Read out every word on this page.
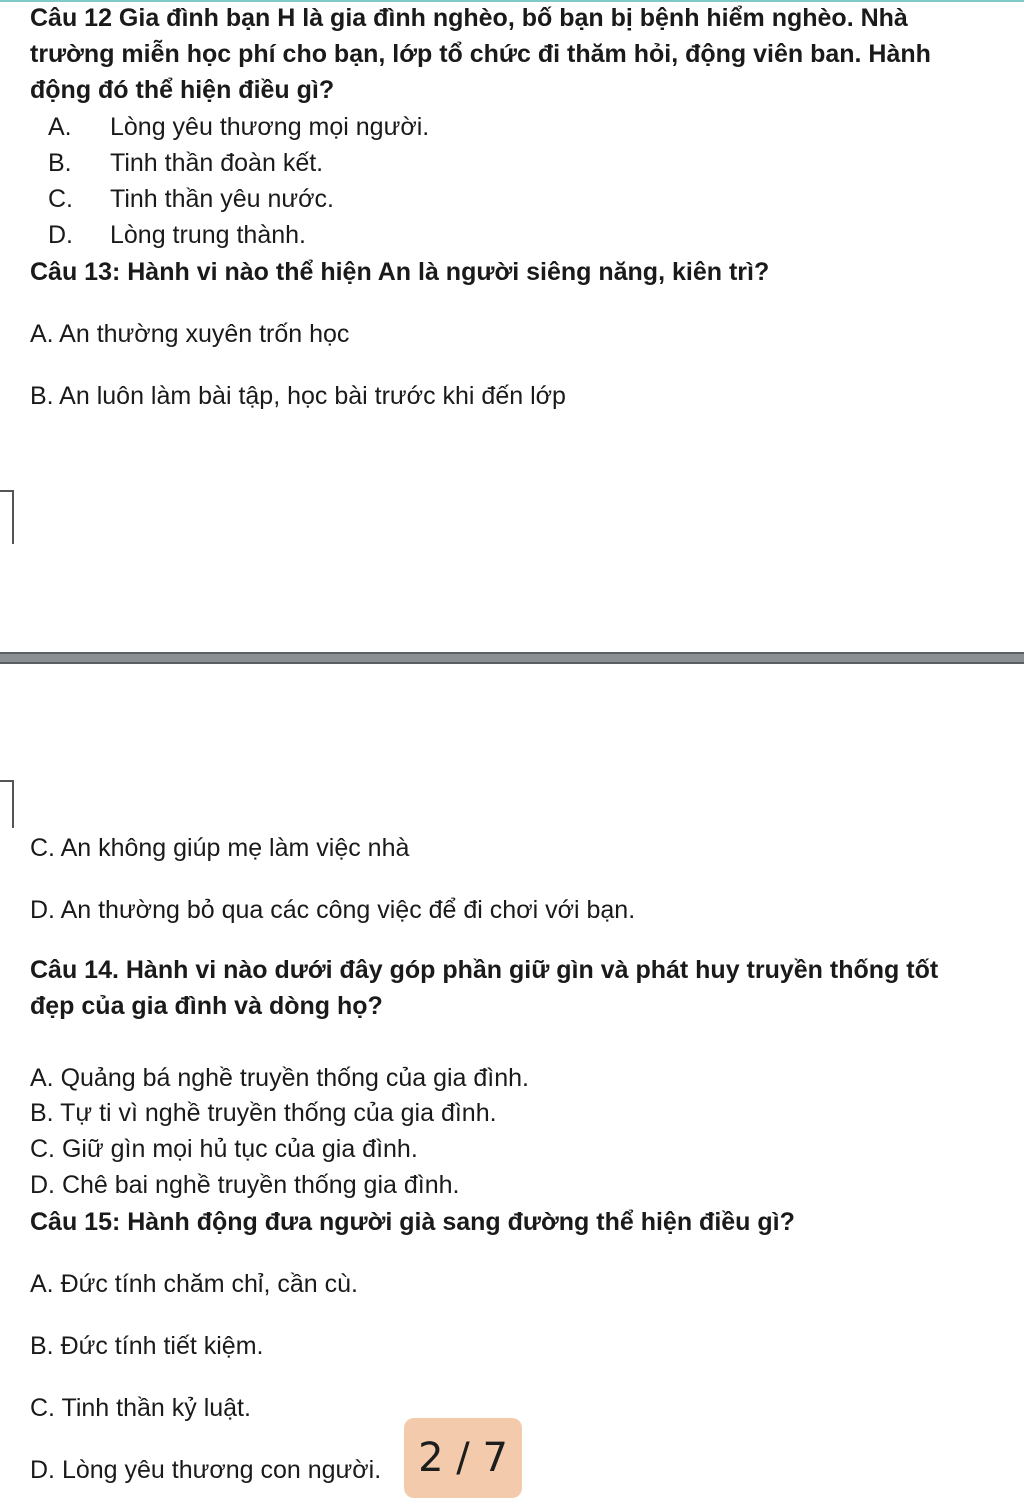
Câu 12 Gia đình bạn H là gia đình nghèo, bố bạn bị bệnh hiểm nghèo. Nhà
trường miễn học phí cho bạn, lớp tổ chức đi thăm hỏi, động viên ban. Hành
động đó thể hiện điều gì?
A. Lòng yêu thương mọi người.
B. Tinh thần đoàn kết.
C. Tinh thần yêu nước.
D. Lòng trung thành.
Câu 13: Hành vi nào thể hiện An là người siêng năng, kiên trì?
A. An thường xuyên trốn học
B. An luôn làm bài tập, học bài trước khi đến lớp
C. An không giúp mẹ làm việc nhà
D. An thường bỏ qua các công việc để đi chơi với bạn.
Câu 14. Hành vi nào dưới đây góp phần giữ gìn và phát huy truyền thống tốt
đẹp của gia đình và dòng họ?
A. Quảng bá nghề truyền thống của gia đình.
B. Tự ti vì nghề truyền thống của gia đình.
C. Giữ gìn mọi hủ tục của gia đình.
D. Chê bai nghề truyền thống gia đình.
Câu 15: Hành động đưa người già sang đường thể hiện điều gì?
A. Đức tính chăm chỉ, cần cù.
B. Đức tính tiết kiệm.
C. Tinh thần kỷ luật.
D. Lòng yêu thương con người. 2 / 7
